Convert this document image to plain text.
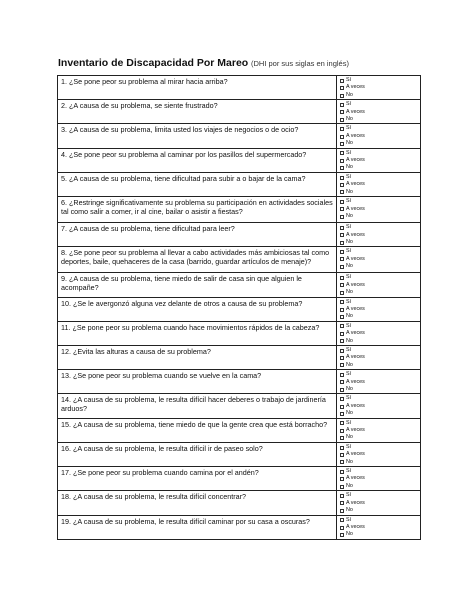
Inventario de Discapacidad Por Mareo (DHI por sus siglas en inglés)
1. ¿Se pone peor su problema al mirar hacia arriba?	Sí
A veces
No

2. ¿A causa de su problema, se siente frustrado?	Sí
A veces
No

3. ¿A causa de su problema, limita usted los viajes de negocios o de ocio?	Sí
A veces
No

4. ¿Se pone peor su problema al caminar por los pasillos del supermercado?	Sí
A veces
No

5. ¿A causa de su problema, tiene dificultad para subir a o bajar de la cama?	Sí
A veces
No

6. ¿Restringe significativamente su problema su participación en actividades sociales tal como salir a comer, ir al cine, bailar o asistir a fiestas?	Sí
A veces
No

7. ¿A causa de su problema, tiene dificultad para leer?	Sí
A veces
No

8. ¿Se pone peor su problema al llevar a cabo actividades más ambiciosas tal como deportes, baile, quehaceres de la casa (barrido, guardar artículos de menaje)?	Sí
A veces
No

9. ¿A causa de su problema, tiene miedo de salir de casa sin que alguien le acompañe?	Sí
A veces
No

10. ¿Se le avergonzó alguna vez delante de otros a causa de su problema?	Sí
A veces
No

11. ¿Se pone peor su problema cuando hace movimientos rápidos de la cabeza?	Sí
A veces
No

12. ¿Evita las alturas a causa de su problema?	Sí
A veces
No

13. ¿Se pone peor su problema cuando se vuelve en la cama?	Sí
A veces
No

14. ¿A causa de su problema, le resulta difícil hacer deberes o trabajo de jardinería arduos?	Sí
A veces
No

15. ¿A causa de su problema, tiene miedo de que la gente crea que está borracho?	Sí
A veces
No

16. ¿A causa de su problema, le resulta difícil ir de paseo solo?	Sí
A veces
No

17. ¿Se pone peor su problema cuando camina por el andén?	Sí
A veces
No

18. ¿A causa de su problema, le resulta difícil concentrar?	Sí
A veces
No

19. ¿A causa de su problema, le resulta difícil caminar por su casa a oscuras?	Sí
A veces
No
